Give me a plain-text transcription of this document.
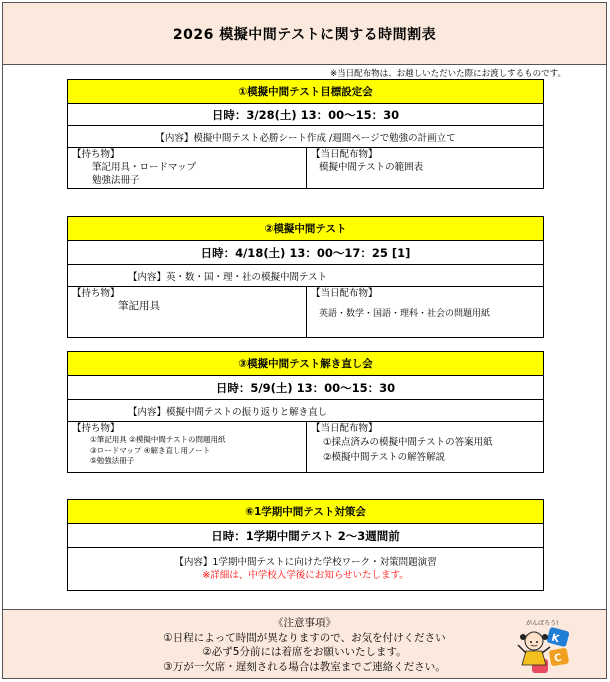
2026 模擬中間テストに関する時間割表
※当日配布物は、お越しいただいた際にお渡しするものです。
①模擬中間テスト目標設定会
日時：3/28(土) 13：00～15：30
【内容】模擬中間テスト必勝シート作成 /週間ページで勉強の計画立て
【持ち物】
筆記用具・ロードマップ
勉強法冊子
【当日配布物】
模擬中間テストの範囲表
②模擬中間テスト
日時：4/18(土) 13：00～17：25 [1]
【内容】英・数・国・理・社の模擬中間テスト
【持ち物】
筆記用具
【当日配布物】
英語・数学・国語・理科・社会の問題用紙
③模擬中間テスト解き直し会
日時：5/9(土) 13：00～15：30
【内容】模擬中間テストの振り返りと解き直し
【持ち物】
①筆記用具 ②模擬中間テストの問題用紙
③ロードマップ ④解き直し用ノート
⑤勉強法冊子
【当日配布物】
①採点済みの模擬中間テストの答案用紙
②模擬中間テストの解答解説
⑥1学期中間テスト対策会
日時：1学期中間テスト 2～3週間前
【内容】1学期中間テストに向けた学校ワーク・対策問題演習
※詳細は、中学校入学後にお知らせいたします。
《注意事項》
①日程によって時間が異なりますので、お気を付けください
②必ず5分前には着席をお願いいたします。
③万が一欠席・遅刻される場合は教室までご連絡ください。
がんばろう!
K
C
